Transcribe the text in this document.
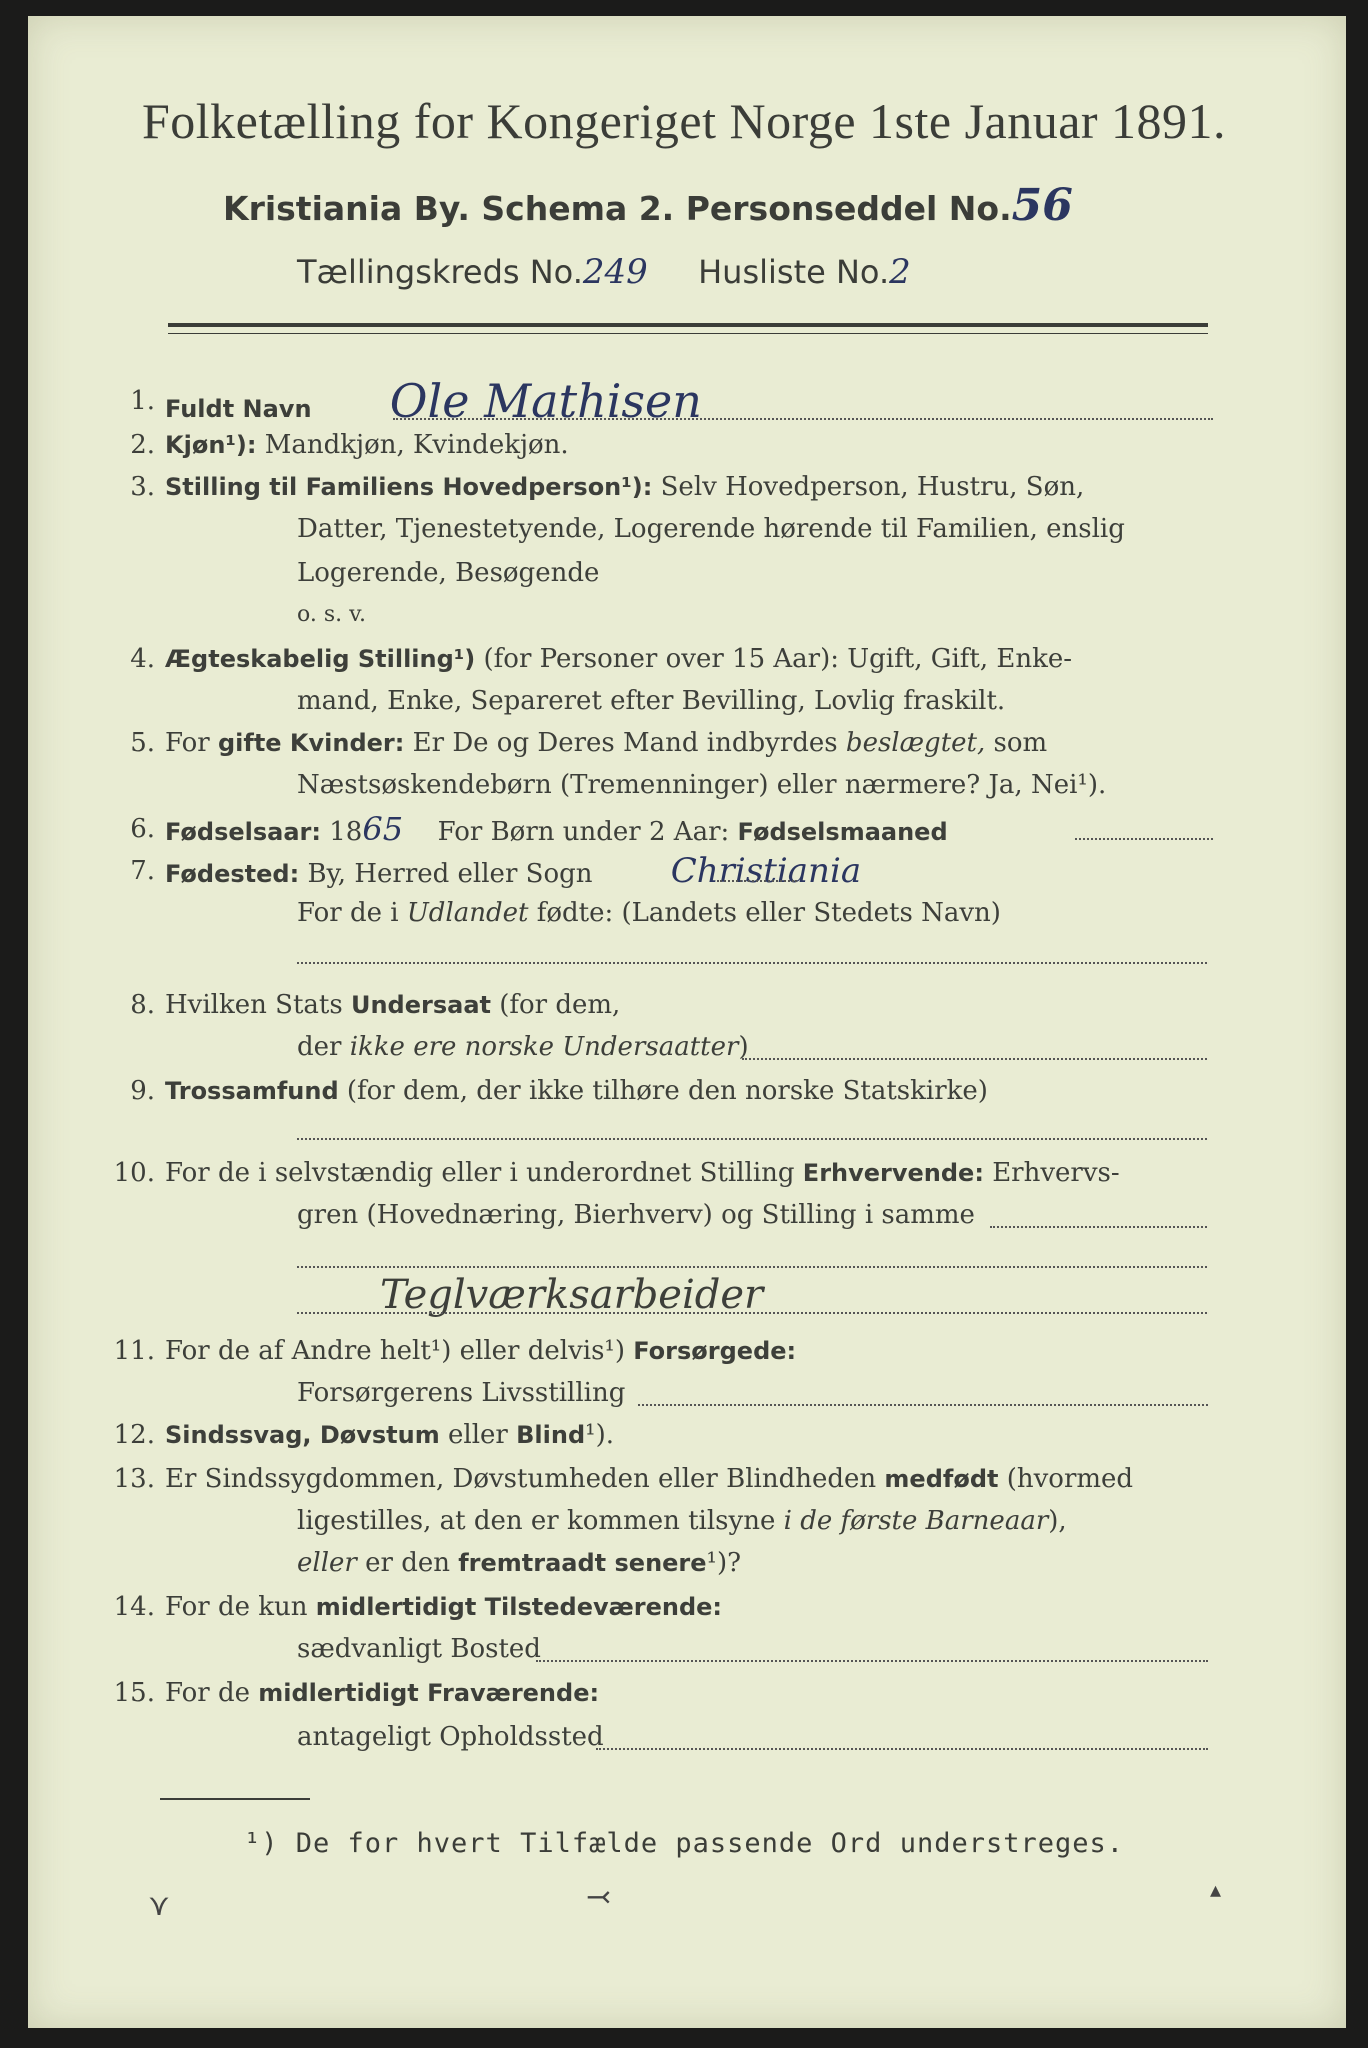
Folketælling for Kongeriget Norge 1ste Januar 1891.
Kristiania By. Schema 2. Personseddel No.56
Tællingskreds No.249 Husliste No.2
1. Fuldt Navn Ole Mathisen
2. Kjøn¹): Mandkjøn, Kvindekjøn.
3. Stilling til Familiens Hovedperson¹): Selv Hovedperson, Hustru, Søn,
Datter, Tjenestetyende, Logerende hørende til Familien, enslig
Logerende, Besøgende
o. s. v.
4. Ægteskabelig Stilling¹) (for Personer over 15 Aar): Ugift, Gift, Enke-
mand, Enke, Separeret efter Bevilling, Lovlig fraskilt.
5. For gifte Kvinder: Er De og Deres Mand indbyrdes beslægtet, som
Næstsøskendebørn (Tremenninger) eller nærmere? Ja, Nei¹).
6. Fødselsaar: 1865 For Børn under 2 Aar: Fødselsmaaned
7. Fødested: By, Herred eller Sogn Christiania
For de i Udlandet fødte: (Landets eller Stedets Navn)
8. Hvilken Stats Undersaat (for dem,
der ikke ere norske Undersaatter)
9. Trossamfund (for dem, der ikke tilhøre den norske Statskirke)
10. For de i selvstændig eller i underordnet Stilling Erhvervende: Erhvervs-
gren (Hovednæring, Bierhverv) og Stilling i samme
Teglværksarbeider
11. For de af Andre helt¹) eller delvis¹) Forsørgede:
Forsørgerens Livsstilling
12. Sindssvag, Døvstum eller Blind¹).
13. Er Sindssygdommen, Døvstumheden eller Blindheden medfødt (hvormed
ligestilles, at den er kommen tilsyne i de første Barneaar),
eller er den fremtraadt senere¹)?
14. For de kun midlertidigt Tilstedeværende:
sædvanligt Bosted
15. For de midlertidigt Fraværende:
antageligt Opholdssted
¹) De for hvert Tilfælde passende Ord understreges.
⋎	⤙	▴
